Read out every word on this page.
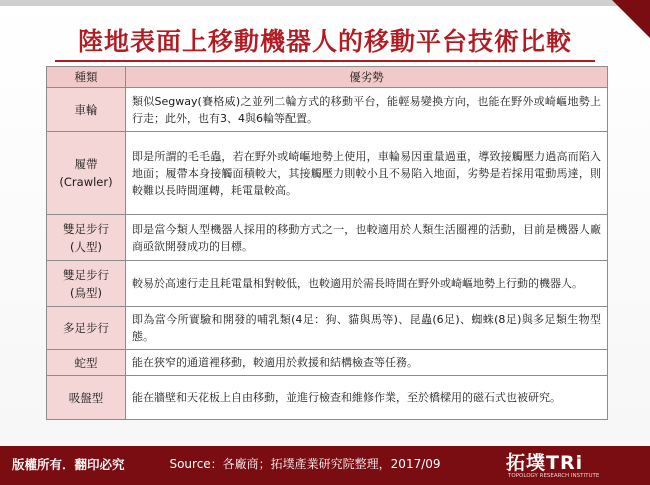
陸地表面上移動機器人的移動平台技術比較
種類	優劣勢
車輪	類似Segway(賽格威)之並列二輪方式的移動平台，能輕易變換方向，也能在野外或崎嶇地勢上行走；此外，也有3、4與6輪等配置。
履帶
(Crawler)	即是所謂的毛毛蟲，若在野外或崎嶇地勢上使用，車輪易因重量過重，導致接觸壓力過高而陷入地面；履帶本身接觸面積較大，其接觸壓力則較小且不易陷入地面，劣勢是若採用電動馬達，則較難以長時間運轉，耗電量較高。
雙足步行
(人型)	即是當今類人型機器人採用的移動方式之一，也較適用於人類生活圈裡的活動，目前是機器人廠商亟欲開發成功的目標。
雙足步行
(鳥型)	較易於高速行走且耗電量相對較低，也較適用於需長時間在野外或崎嶇地勢上行動的機器人。
多足步行	即為當今所實驗和開發的哺乳類(4足：狗、貓與馬等)、昆蟲(6足)、蜘蛛(8足)與多足類生物型態。
蛇型	能在狹窄的通道裡移動，較適用於救援和結構檢查等任務。
吸盤型	能在牆壁和天花板上自由移動，並進行檢查和維修作業，至於橋樑用的磁石式也被研究。
版權所有．翻印必究	Source：各廠商；拓墣產業研究院整理，2017/09	拓墣TRi
TOPOLOGY RESEARCH INSTITUTE
